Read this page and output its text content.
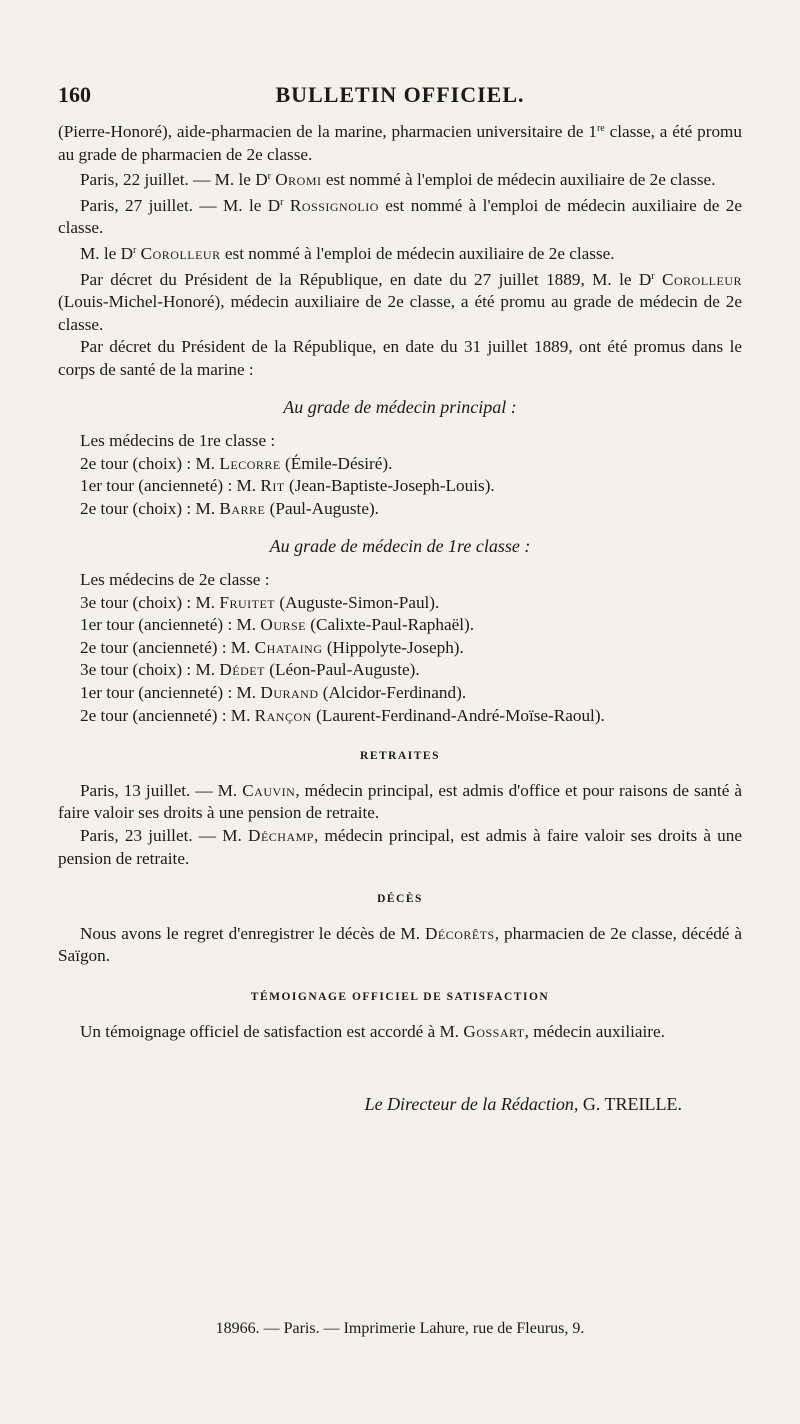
160	BULLETIN OFFICIEL.

(Pierre-Honoré), aide-pharmacien de la marine, pharmacien universitaire de 1re classe, a été promu au grade de pharmacien de 2e classe.

Paris, 22 juillet. — M. le $D^r$ Oromi est nommé à l'emploi de médecin auxiliaire de 2e classe.

Paris, 27 juillet. — M. le $D^r$ Rossignolio est nommé à l'emploi de médecin auxiliaire de 2e classe.

M. le $D^r$ Corolleur est nommé à l'emploi de médecin auxiliaire de 2e classe.

Par décret du Président de la République, en date du 27 juillet 1889, M. le $D^r$ Corolleur (Louis-Michel-Honoré), médecin auxiliaire de 2e classe, a été promu au grade de médecin de 2e classe.

Par décret du Président de la République, en date du 31 juillet 1889, ont été promus dans le corps de santé de la marine :

Au grade de médecin principal :
Les médecins de 1re classe :
2e tour (choix) : M. Lecorre (Émile-Désiré).
1er tour (ancienneté) : M. Rit (Jean-Baptiste-Joseph-Louis).
2e tour (choix) : M. Barre (Paul-Auguste).
Au grade de médecin de 1re classe :
Les médecins de 2e classe :
3e tour (choix) : M. Fruitet (Auguste-Simon-Paul).
1er tour (ancienneté) : M. Ourse (Calixte-Paul-Raphaël).
2e tour (ancienneté) : M. Chataing (Hippolyte-Joseph).
3e tour (choix) : M. Dédet (Léon-Paul-Auguste).
1er tour (ancienneté) : M. Durand (Alcidor-Ferdinand).
2e tour (ancienneté) : M. Rançon (Laurent-Ferdinand-André-Moïse-Raoul).
RETRAITES

Paris, 13 juillet. — M. Cauvin, médecin principal, est admis d'office et pour raisons de santé à faire valoir ses droits à une pension de retraite.

Paris, 23 juillet. — M. Déchamp, médecin principal, est admis à faire valoir ses droits à une pension de retraite.

DÉCÈS

Nous avons le regret d'enregistrer le décès de M. Décorêts, pharmacien de 2e classe, décédé à Saïgon.

TÉMOIGNAGE OFFICIEL DE SATISFACTION

Un témoignage officiel de satisfaction est accordé à M. Gossart, médecin auxiliaire.

Le Directeur de la Rédaction, G. TREILLE.
18966. — Paris. — Imprimerie Lahure, rue de Fleurus, 9.
